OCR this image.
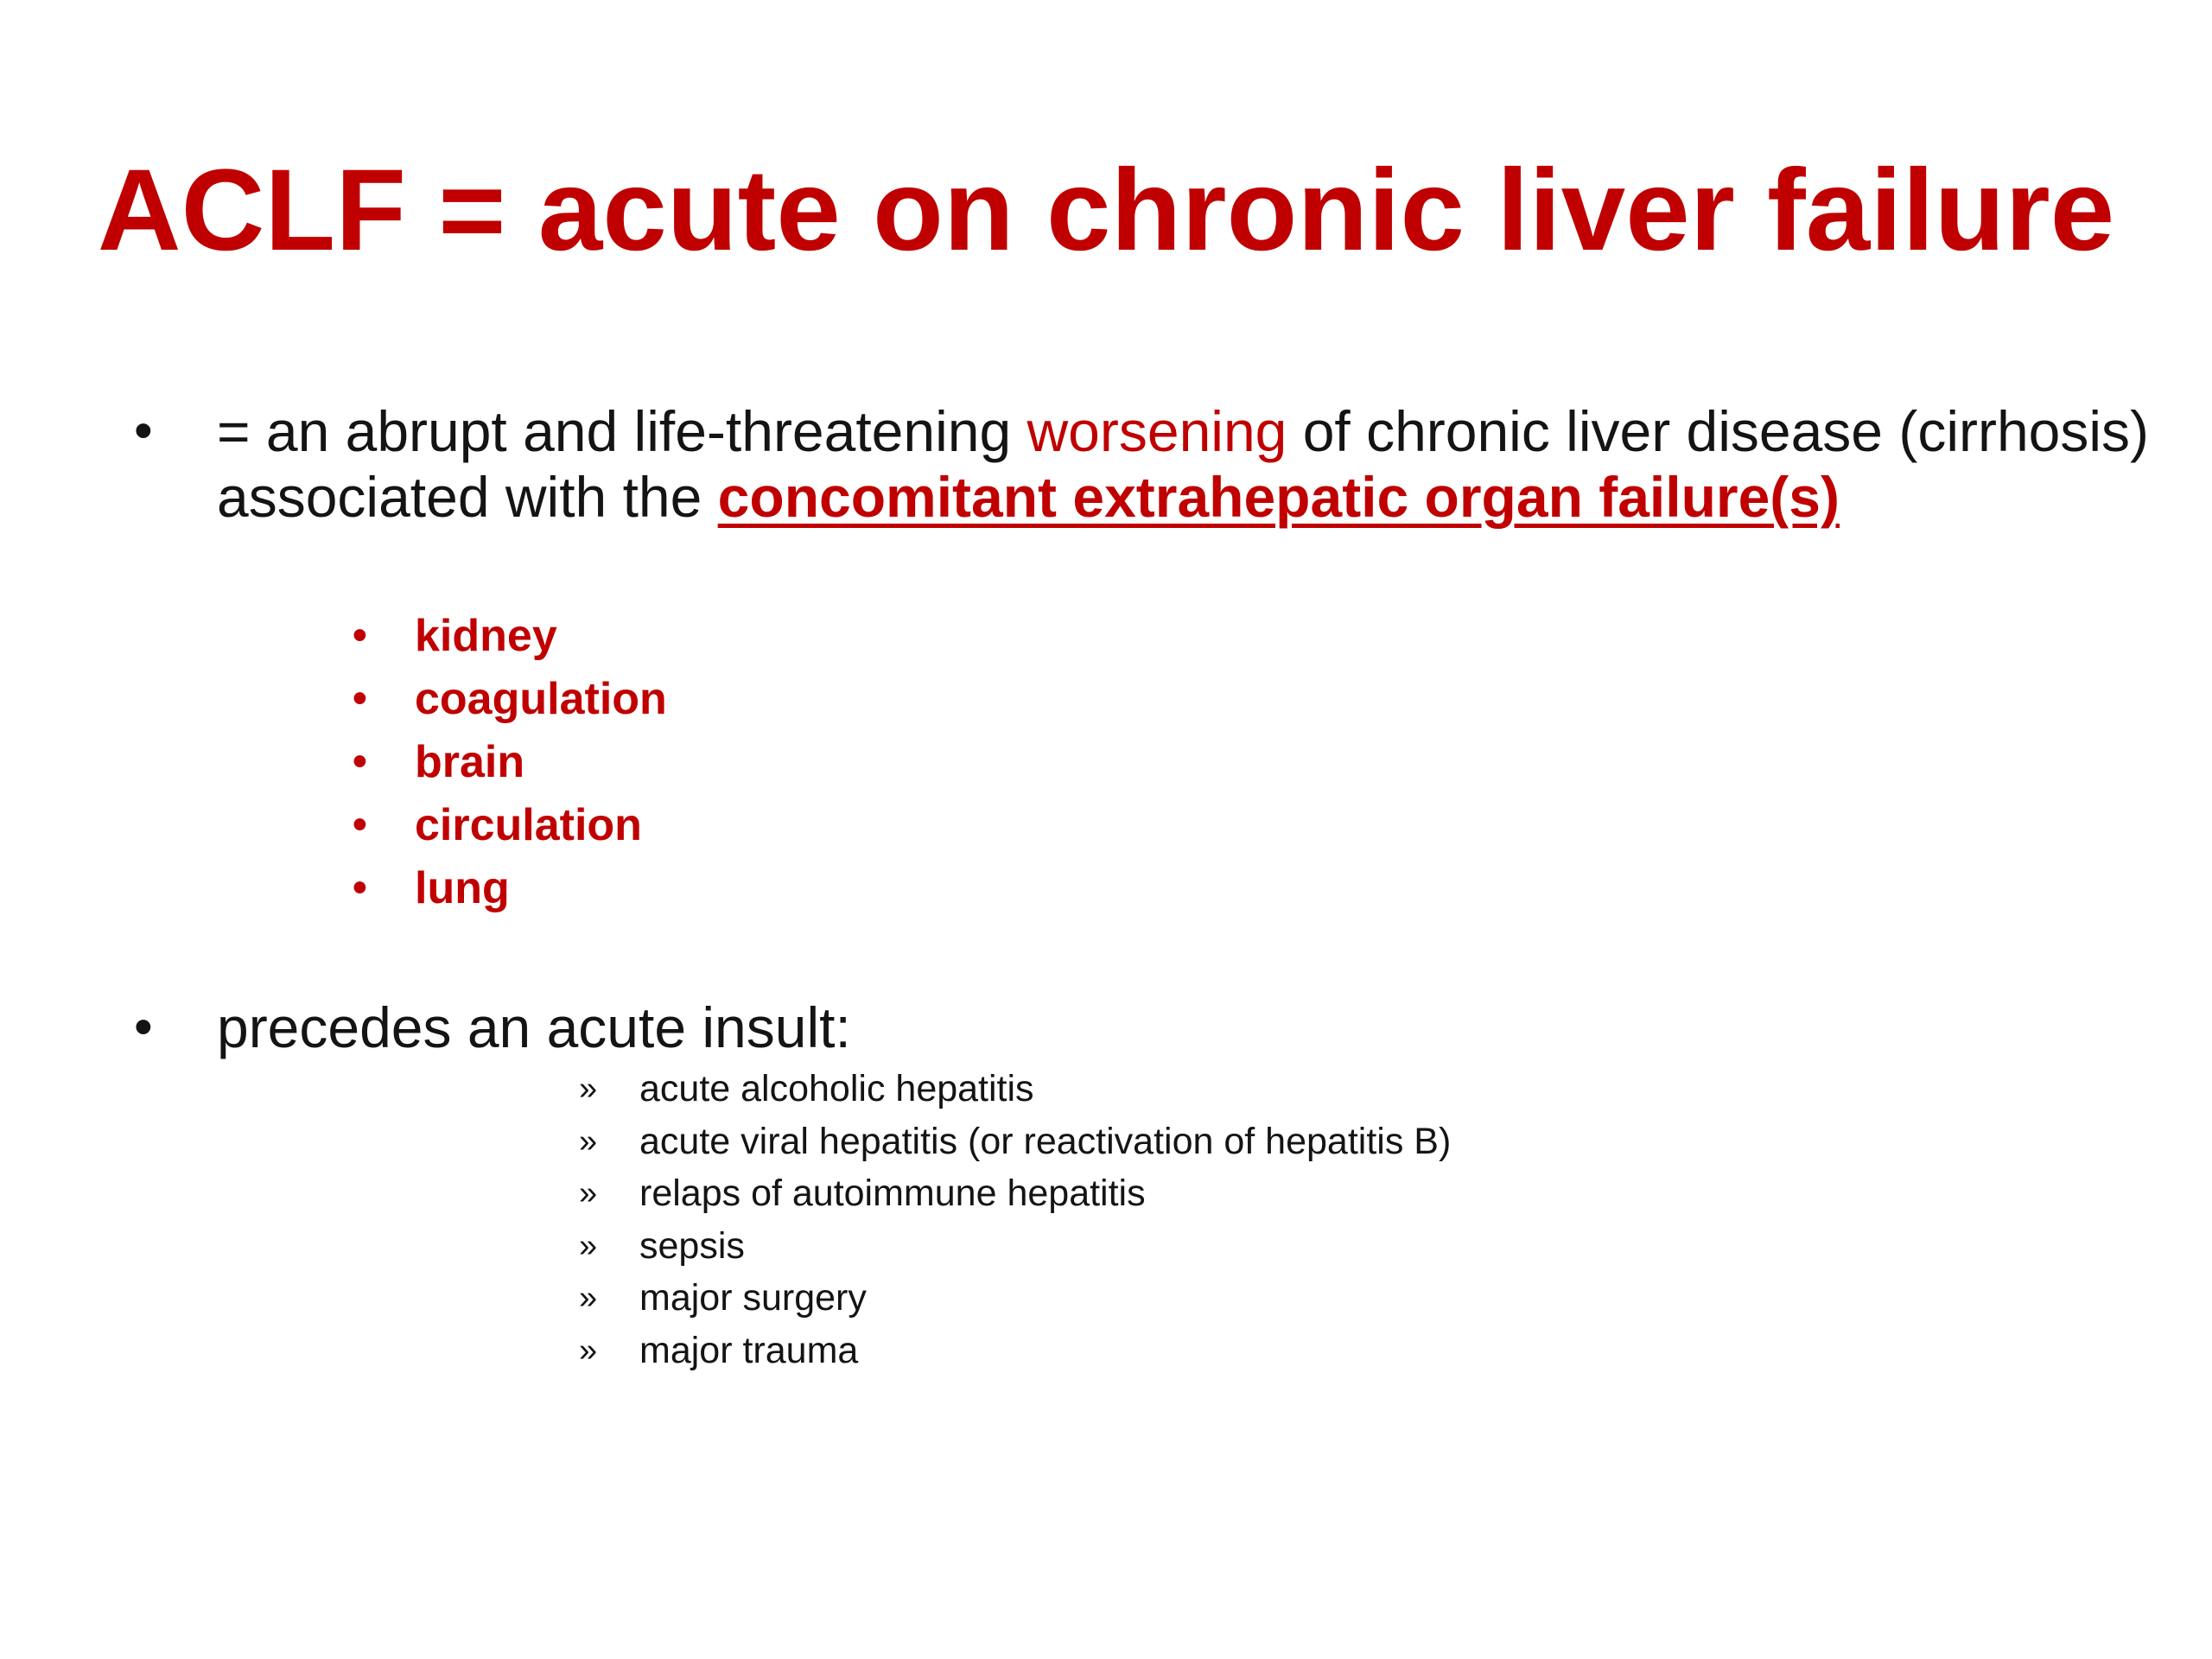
ACLF = acute on chronic liver failure
• = an abrupt and life-threatening worsening of chronic liver disease (cirrhosis) associated with the concomitant extrahepatic organ failure(s)
• kidney
• coagulation
• brain
• circulation
• lung
• precedes an acute insult:
» acute alcoholic hepatitis
» acute viral hepatitis (or reactivation of hepatitis B)
» relaps of autoimmune hepatitis
» sepsis
» major surgery
» major trauma
